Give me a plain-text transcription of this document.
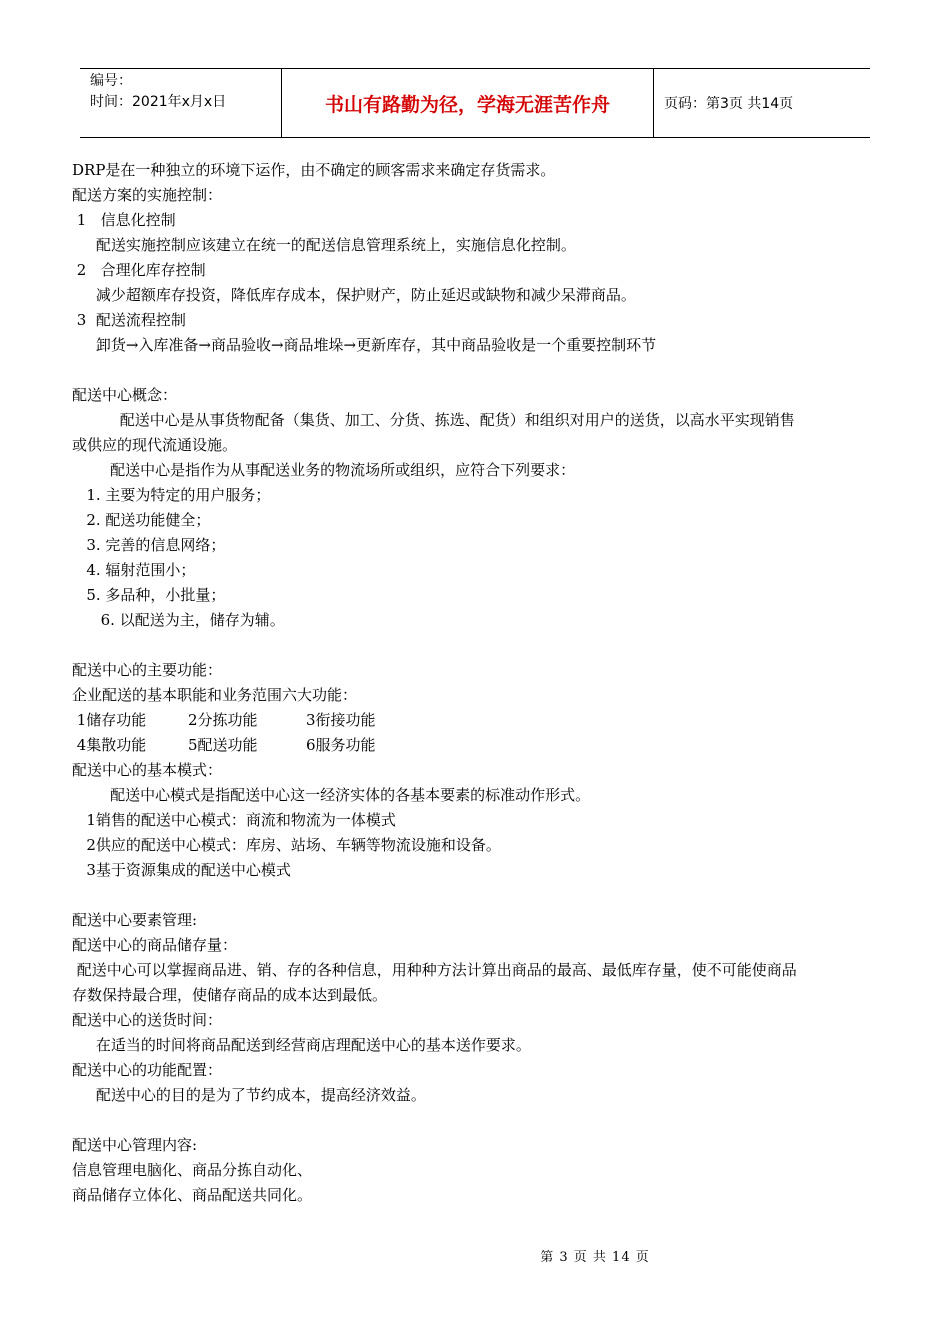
编号：
时间：2021年x月x日	书山有路勤为径，学海无涯苦作舟	页码：第3页 共14页

DRP是在一种独立的环境下运作，由不确定的顾客需求来确定存货需求。

配送方案的实施控制：

1   信息化控制

配送实施控制应该建立在统一的配送信息管理系统上，实施信息化控制。

2   合理化库存控制

减少超额库存投资，降低库存成本，保护财产，防止延迟或缺物和减少呆滞商品。

3  配送流程控制

卸货→入库准备→商品验收→商品堆垛→更新库存，其中商品验收是一个重要控制环节

配送中心概念：

配送中心是从事货物配备（集货、加工、分货、拣选、配货）和组织对用户的送货，以高水平实现销售

或供应的现代流通设施。

配送中心是指作为从事配送业务的物流场所或组织，应符合下列要求：

1. 主要为特定的用户服务；

2. 配送功能健全；

3. 完善的信息网络；

4. 辐射范围小；

5. 多品种，小批量；

6. 以配送为主，储存为辅。

配送中心的主要功能：

企业配送的基本职能和业务范围六大功能：

1储存功能	2分拣功能	3衔接功能
4集散功能	5配送功能	6服务功能

配送中心的基本模式：

配送中心模式是指配送中心这一经济实体的各基本要素的标准动作形式。

1销售的配送中心模式：商流和物流为一体模式

2供应的配送中心模式：库房、站场、车辆等物流设施和设备。

3基于资源集成的配送中心模式

配送中心要素管理:

配送中心的商品储存量：

配送中心可以掌握商品进、销、存的各种信息，用种种方法计算出商品的最高、最低库存量，使不可能使商品

存数保持最合理，使储存商品的成本达到最低。

配送中心的送货时间：

在适当的时间将商品配送到经营商店理配送中心的基本送作要求。

配送中心的功能配置：

配送中心的目的是为了节约成本，提高经济效益。

配送中心管理内容:

信息管理电脑化、商品分拣自动化、

商品储存立体化、商品配送共同化。

第 3 页 共 14 页
